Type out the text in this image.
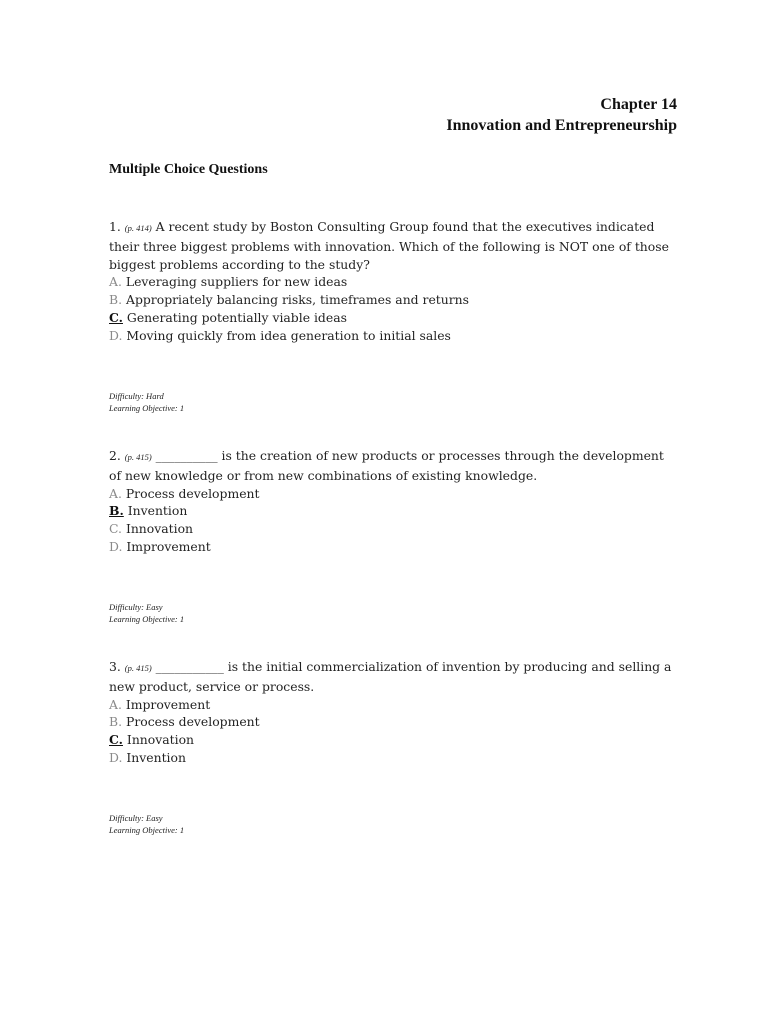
Chapter 14
Innovation and Entrepreneurship
Multiple Choice Questions
1. (p. 414) A recent study by Boston Consulting Group found that the executives indicated their three biggest problems with innovation. Which of the following is NOT one of those biggest problems according to the study?
A. Leveraging suppliers for new ideas
B. Appropriately balancing risks, timeframes and returns
C. Generating potentially viable ideas
D. Moving quickly from idea generation to initial sales
Difficulty: Hard
Learning Objective: 1
2. (p. 415) __________ is the creation of new products or processes through the development of new knowledge or from new combinations of existing knowledge.
A. Process development
B. Invention
C. Innovation
D. Improvement
Difficulty: Easy
Learning Objective: 1
3. (p. 415) ___________ is the initial commercialization of invention by producing and selling a new product, service or process.
A. Improvement
B. Process development
C. Innovation
D. Invention
Difficulty: Easy
Learning Objective: 1
